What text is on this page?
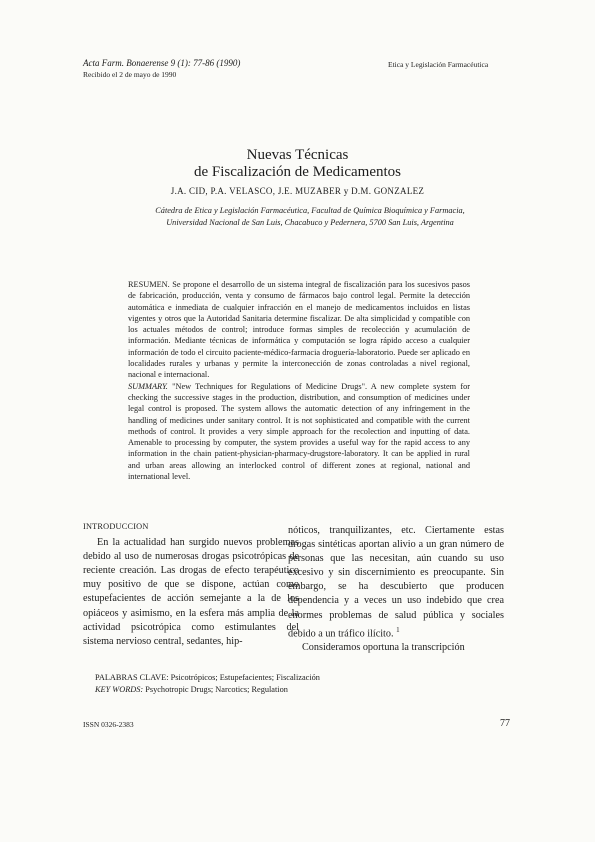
Acta Farm. Bonaerense 9 (1): 77-86 (1990)
Recibido el 2 de mayo de 1990
Etica y Legislación Farmacéutica
Nuevas Técnicas
de Fiscalización de Medicamentos
J.A. CID, P.A. VELASCO, J.E. MUZABER y D.M. GONZALEZ
Cátedra de Etica y Legislación Farmacéutica, Facultad de Química Bioquímica y Farmacia,
Universidad Nacional de San Luis, Chacabuco y Pedernera, 5700 San Luis, Argentina

RESUMEN. Se propone el desarrollo de un sistema integral de fiscalización para los sucesivos pasos de fabricación, producción, venta y consumo de fármacos bajo control legal. Permite la detección automática e inmediata de cualquier infracción en el manejo de medicamentos incluidos en listas vigentes y otros que la Autoridad Sanitaria determine fiscalizar. De alta simplicidad y compatible con los actuales métodos de control; introduce formas simples de recolección y acumulación de información. Mediante técnicas de informática y computación se logra rápido acceso a cualquier información de todo el circuito paciente-médico-farmacia droguería-laboratorio. Puede ser aplicado en localidades rurales y urbanas y permite la interconección de zonas controladas a nivel regional, nacional e internacional.

SUMMARY. "New Techniques for Regulations of Medicine Drugs". A new complete system for checking the successive stages in the production, distribution, and consumption of medicines under legal control is proposed. The system allows the automatic detection of any infringement in the handling of medicines under sanitary control. It is not sophisticated and compatible with the current methods of control. It provides a very simple approach for the recolection and inputting of data. Amenable to processing by computer, the system provides a useful way for the rapid access to any information in the chain patient-physician-pharmacy-drugstore-laboratory. It can be applied in rural and urban areas allowing an interlocked control of different zones at regional, national and international level.

INTRODUCCION

En la actualidad han surgido nuevos problemas debido al uso de numerosas drogas psicotrópicas de reciente creación. Las drogas de efecto terapéutico muy positivo de que se dispone, actúan como estupefacientes de acción semejante a la de los opiáceos y asimismo, en la esfera más amplia de la actividad psicotrópica como estimulantes del sistema nervioso central, sedantes, hip-

nóticos, tranquilizantes, etc. Ciertamente estas drogas sintéticas aportan alivio a un gran número de personas que las necesitan, aún cuando su uso excesivo y sin discernimiento es preocupante. Sin embargo, se ha descubierto que producen dependencia y a veces un uso indebido que crea enormes problemas de salud pública y sociales debido a un tráfico ilícito. $^1$

Consideramos oportuna la transcripción

PALABRAS CLAVE: Psicotrópicos; Estupefacientes; Fiscalización
KEY WORDS: Psychotropic Drugs; Narcotics; Regulation
ISSN 0326-2383	77
